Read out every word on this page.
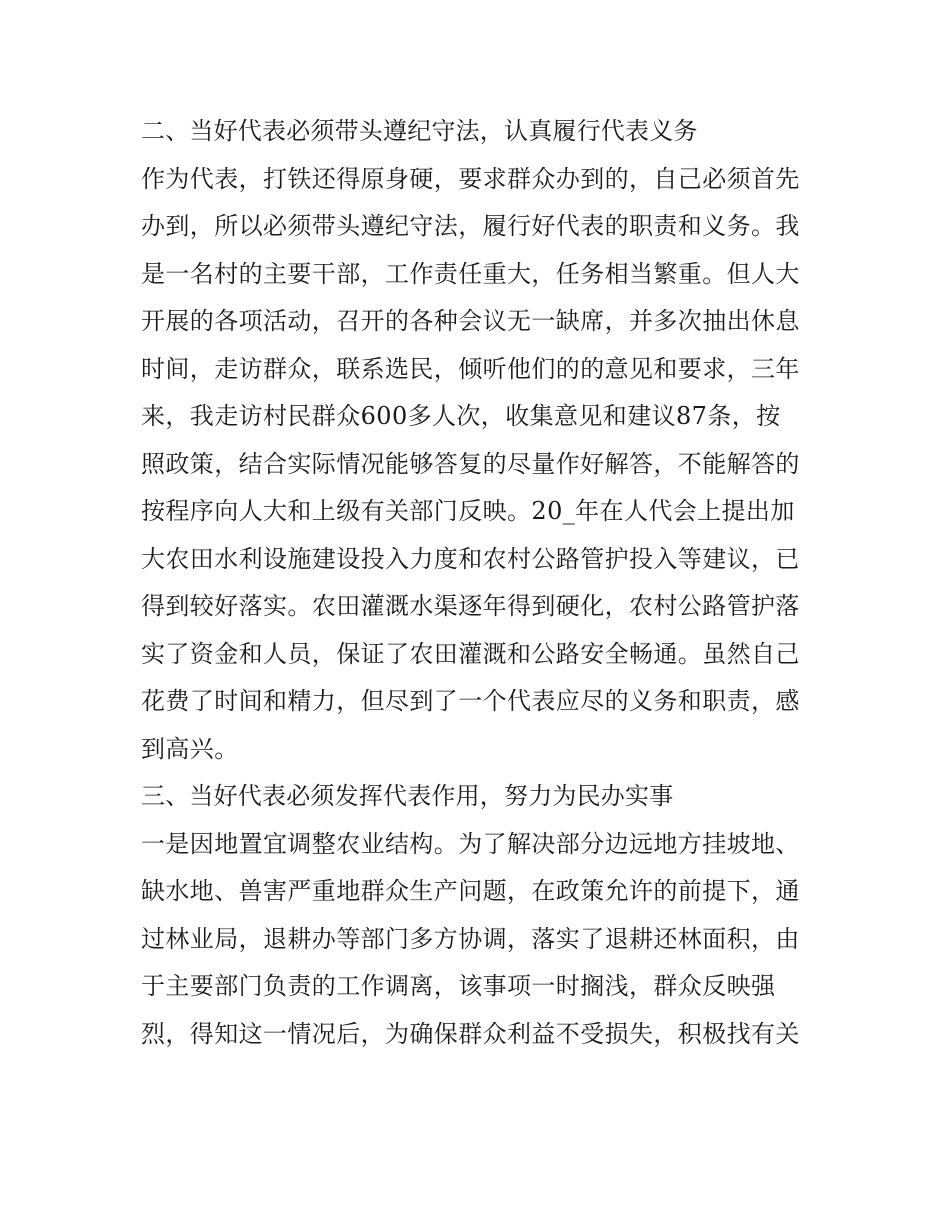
二、当好代表必须带头遵纪守法，认真履行代表义务
作为代表，打铁还得原身硬，要求群众办到的，自己必须首先
办到，所以必须带头遵纪守法，履行好代表的职责和义务。我
是一名村的主要干部，工作责任重大，任务相当繁重。但人大
开展的各项活动，召开的各种会议无一缺席，并多次抽出休息
时间，走访群众，联系选民，倾听他们的的意见和要求，三年
来，我走访村民群众600多人次，收集意见和建议87条，按
照政策，结合实际情况能够答复的尽量作好解答，不能解答的
按程序向人大和上级有关部门反映。20_年在人代会上提出加
大农田水利设施建设投入力度和农村公路管护投入等建议，已
得到较好落实。农田灌溉水渠逐年得到硬化，农村公路管护落
实了资金和人员，保证了农田灌溉和公路安全畅通。虽然自己
花费了时间和精力，但尽到了一个代表应尽的义务和职责，感
到高兴。
三、当好代表必须发挥代表作用，努力为民办实事
一是因地置宜调整农业结构。为了解决部分边远地方挂坡地、
缺水地、兽害严重地群众生产问题，在政策允许的前提下，通
过林业局，退耕办等部门多方协调，落实了退耕还林面积，由
于主要部门负责的工作调离，该事项一时搁浅，群众反映强
烈，得知这一情况后，为确保群众利益不受损失，积极找有关
